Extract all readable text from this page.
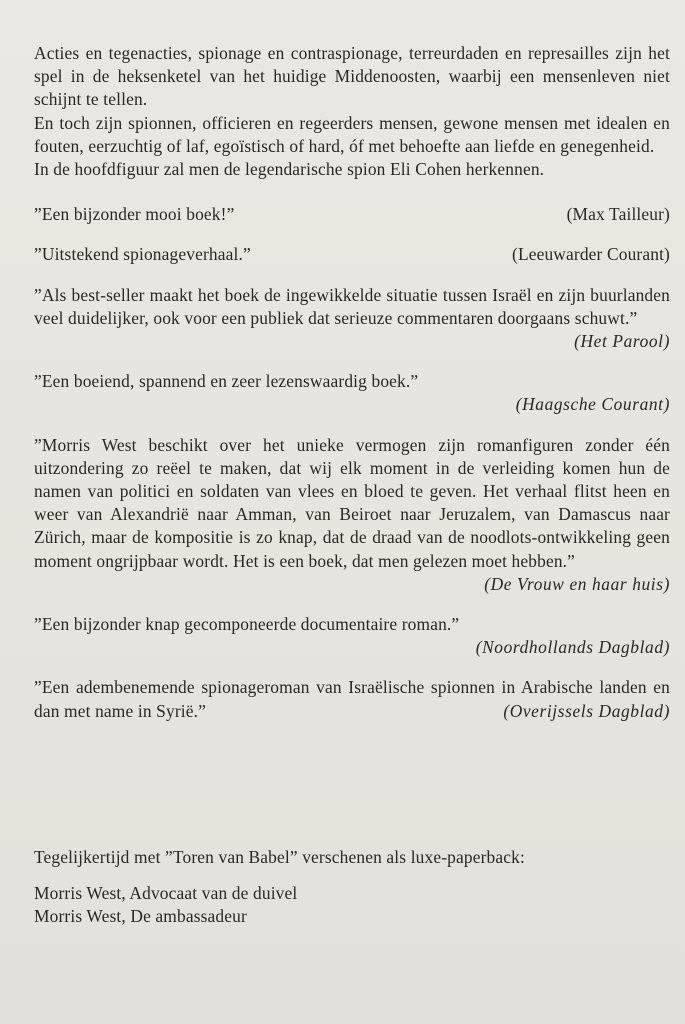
Acties en tegenacties, spionage en contraspionage, terreurdaden en represailles zijn het spel in de heksenketel van het huidige Middenoosten, waarbij een mensenleven niet schijnt te tellen.

En toch zijn spionnen, officieren en regeerders mensen, gewone mensen met idealen en fouten, eerzuchtig of laf, egoïstisch of hard, óf met behoefte aan liefde en genegenheid.

In de hoofdfiguur zal men de legendarische spion Eli Cohen herkennen.

”Een bijzonder mooi boek!”	(Max Tailleur)
”Uitstekend spionageverhaal.”	(Leeuwarder Courant)
”Als best-seller maakt het boek de ingewikkelde situatie tussen Israël en zijn buurlanden veel duidelijker, ook voor een publiek dat serieuze commentaren doorgaans schuwt.”
(Het Parool)
”Een boeiend, spannend en zeer lezenswaardig boek.”
(Haagsche Courant)
”Morris West beschikt over het unieke vermogen zijn romanfiguren zonder één uitzondering zo reëel te maken, dat wij elk moment in de verleiding komen hun de namen van politici en soldaten van vlees en bloed te geven. Het verhaal flitst heen en weer van Alexandrië naar Amman, van Beiroet naar Jeruzalem, van Damascus naar Zürich, maar de kompositie is zo knap, dat de draad van de noodlots-ontwikkeling geen moment ongrijpbaar wordt. Het is een boek, dat men gelezen moet hebben.”
(De Vrouw en haar huis)
”Een bijzonder knap gecomponeerde documentaire roman.”
(Noordhollands Dagblad)
”Een adembenemende spionageroman van Israëlische spionnen in Arabische landen en dan met name in Syrië.”	(Overijssels Dagblad)

Tegelijkertijd met ”Toren van Babel” verschenen als luxe-paperback:

Morris West, Advocaat van de duivel

Morris West, De ambassadeur
